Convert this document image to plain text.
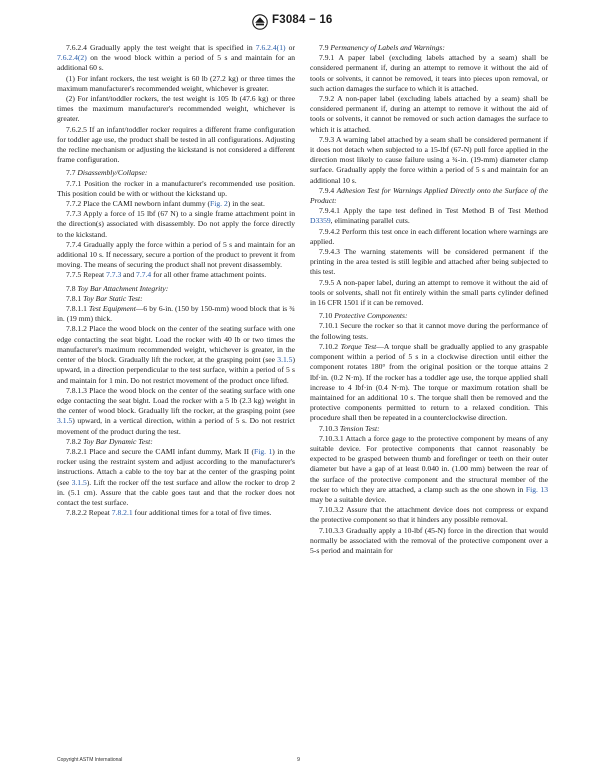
F3084 − 16

7.6.2.4 Gradually apply the test weight that is specified in 7.6.2.4(1) or 7.6.2.4(2) on the wood block within a period of 5 s and maintain for an additional 60 s.

(1) For infant rockers, the test weight is 60 lb (27.2 kg) or three times the maximum manufacturer's recommended weight, whichever is greater.

(2) For infant/toddler rockers, the test weight is 105 lb (47.6 kg) or three times the maximum manufacturer's recommended weight, whichever is greater.

7.6.2.5 If an infant/toddler rocker requires a different frame configuration for toddler age use, the product shall be tested in all configurations. Adjusting the recline mechanism or adjusting the kickstand is not considered a different frame configuration.

7.7 Disassembly/Collapse:

7.7.1 Position the rocker in a manufacturer's recommended use position. This position could be with or without the kickstand up.

7.7.2 Place the CAMI newborn infant dummy (Fig. 2) in the seat.

7.7.3 Apply a force of 15 lbf (67 N) to a single frame attachment point in the direction(s) associated with disassembly. Do not apply the force directly to the kickstand.

7.7.4 Gradually apply the force within a period of 5 s and maintain for an additional 10 s. If necessary, secure a portion of the product to prevent it from moving. The means of securing the product shall not prevent disassembly.

7.7.5 Repeat 7.7.3 and 7.7.4 for all other frame attachment points.

7.8 Toy Bar Attachment Integrity:

7.8.1 Toy Bar Static Test:

7.8.1.1 Test Equipment—6 by 6-in. (150 by 150-mm) wood block that is ¾ in. (19 mm) thick.

7.8.1.2 Place the wood block on the center of the seating surface with one edge contacting the seat bight. Load the rocker with 40 lb or two times the manufacturer's maximum recommended weight, whichever is greater, in the center of the block. Gradually lift the rocker, at the grasping point (see 3.1.5) upward, in a direction perpendicular to the test surface, within a period of 5 s and maintain for 1 min. Do not restrict movement of the product once lifted.

7.8.1.3 Place the wood block on the center of the seating surface with one edge contacting the seat bight. Load the rocker with a 5 lb (2.3 kg) weight in the center of wood block. Gradually lift the rocker, at the grasping point (see 3.1.5) upward, in a vertical direction, within a period of 5 s. Do not restrict movement of the product during the test.

7.8.2 Toy Bar Dynamic Test:

7.8.2.1 Place and secure the CAMI infant dummy, Mark II (Fig. 1) in the rocker using the restraint system and adjust according to the manufacturer's instructions. Attach a cable to the toy bar at the center of the grasping point (see 3.1.5). Lift the rocker off the test surface and allow the rocker to drop 2 in. (5.1 cm). Assure that the cable goes taut and that the rocker does not contact the test surface.

7.8.2.2 Repeat 7.8.2.1 four additional times for a total of five times.

7.9 Permanency of Labels and Warnings:

7.9.1 A paper label (excluding labels attached by a seam) shall be considered permanent if, during an attempt to remove it without the aid of tools or solvents, it cannot be removed, it tears into pieces upon removal, or such action damages the surface to which it is attached.

7.9.2 A non-paper label (excluding labels attached by a seam) shall be considered permanent if, during an attempt to remove it without the aid of tools or solvents, it cannot be removed or such action damages the surface to which it is attached.

7.9.3 A warning label attached by a seam shall be considered permanent if it does not detach when subjected to a 15-lbf (67-N) pull force applied in the direction most likely to cause failure using a ¾-in. (19-mm) diameter clamp surface. Gradually apply the force within a period of 5 s and maintain for an additional 10 s.

7.9.4 Adhesion Test for Warnings Applied Directly onto the Surface of the Product:

7.9.4.1 Apply the tape test defined in Test Method B of Test Method D3359, eliminating parallel cuts.

7.9.4.2 Perform this test once in each different location where warnings are applied.

7.9.4.3 The warning statements will be considered permanent if the printing in the area tested is still legible and attached after being subjected to this test.

7.9.5 A non-paper label, during an attempt to remove it without the aid of tools or solvents, shall not fit entirely within the small parts cylinder defined in 16 CFR 1501 if it can be removed.

7.10 Protective Components:

7.10.1 Secure the rocker so that it cannot move during the performance of the following tests.

7.10.2 Torque Test—A torque shall be gradually applied to any graspable component within a period of 5 s in a clockwise direction until either the component rotates 180° from the original position or the torque attains 2 lbf·in. (0.2 N·m). If the rocker has a toddler age use, the torque applied shall increase to 4 lbf·in (0.4 N·m). The torque or maximum rotation shall be maintained for an additional 10 s. The torque shall then be removed and the protective components permitted to return to a relaxed condition. This procedure shall then be repeated in a counterclockwise direction.

7.10.3 Tension Test:

7.10.3.1 Attach a force gage to the protective component by means of any suitable device. For protective components that cannot reasonably be expected to be grasped between thumb and forefinger or teeth on their outer diameter but have a gap of at least 0.040 in. (1.00 mm) between the rear of the surface of the protective component and the structural member of the rocker to which they are attached, a clamp such as the one shown in Fig. 13 may be a suitable device.

7.10.3.2 Assure that the attachment device does not compress or expand the protective component so that it hinders any possible removal.

7.10.3.3 Gradually apply a 10-lbf (45-N) force in the direction that would normally be associated with the removal of the protective component over a 5-s period and maintain for

Copyright ASTM International	9
